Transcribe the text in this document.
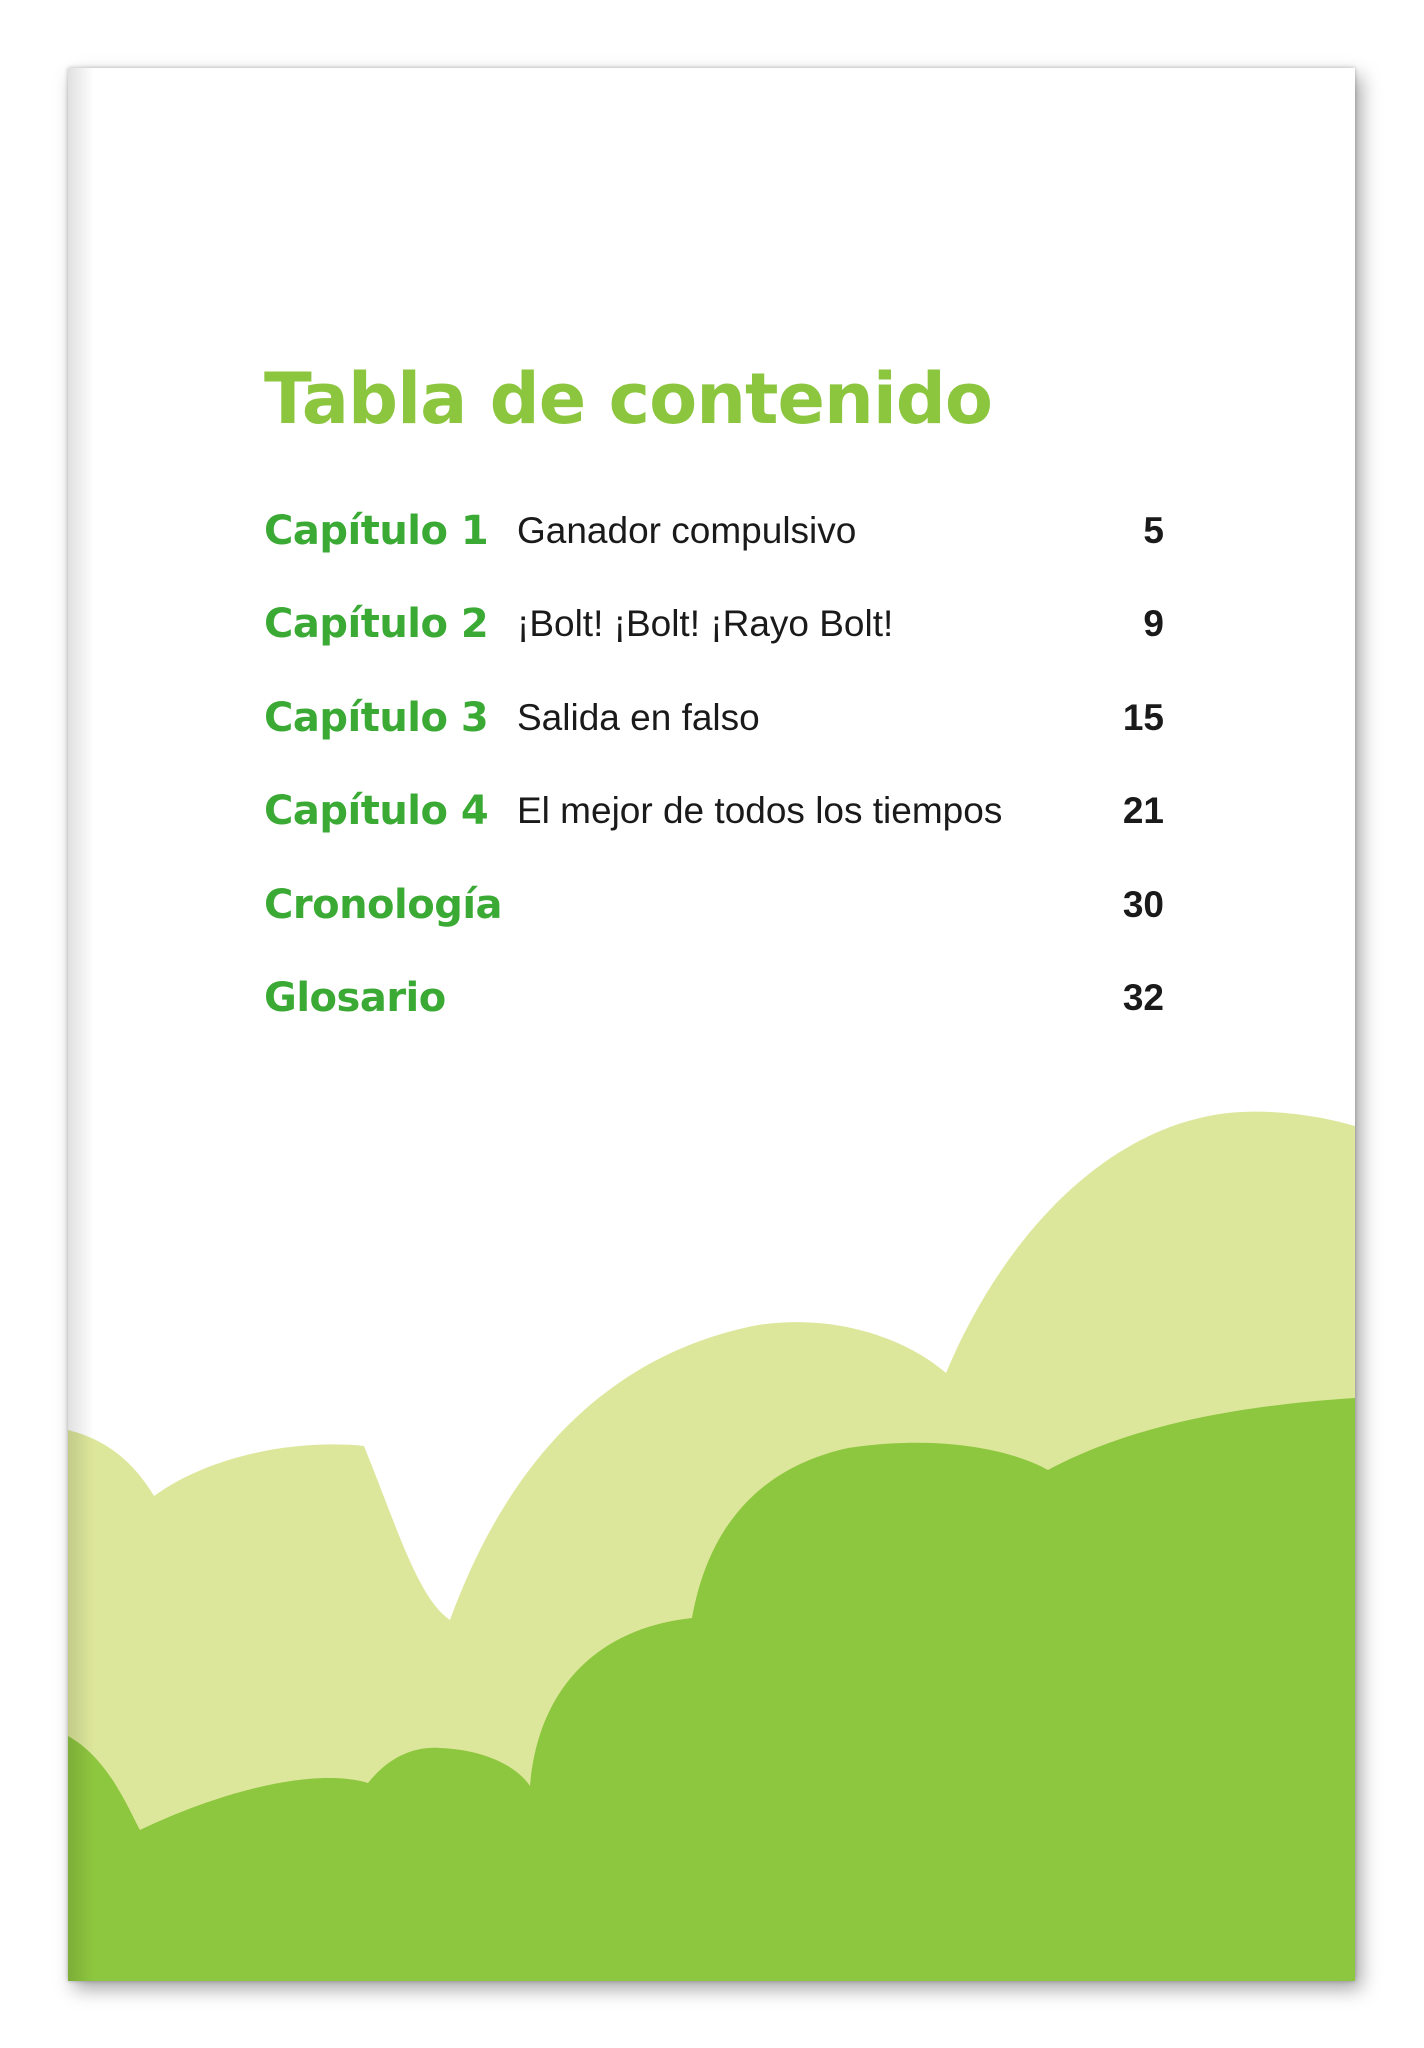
Tabla de contenido
Capítulo 1 Ganador compulsivo	5
Capítulo 2 ¡Bolt! ¡Bolt! ¡Rayo Bolt!	9
Capítulo 3 Salida en falso	15
Capítulo 4 El mejor de todos los tiempos	21
Cronología	30
Glosario	32
